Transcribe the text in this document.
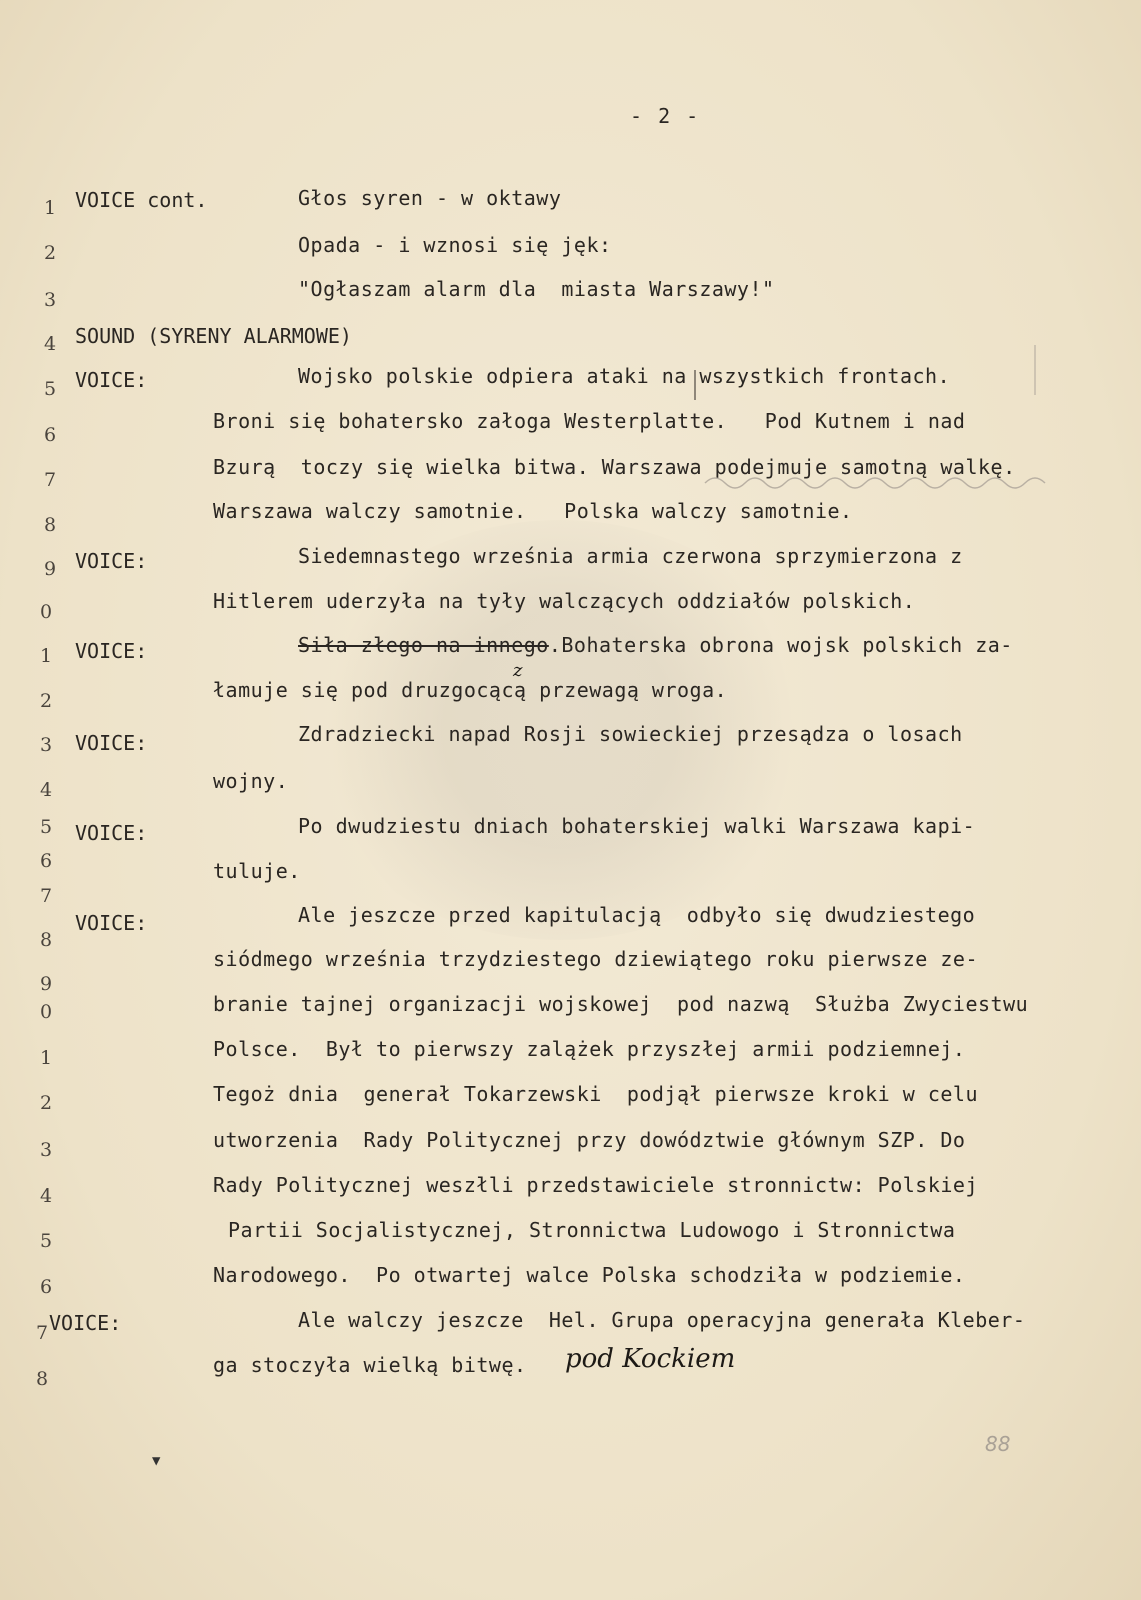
- 2 -
1
2
3
4
5
6
7
8
9
0
1
2
3
4
5
6
7
8
9
0
1
2
3
4
5
6
7
8
VOICE cont.
SOUND (SYRENY ALARMOWE)
VOICE:
VOICE:
VOICE:
VOICE:
VOICE:
VOICE:
VOICE:
Głos syren - w oktawy
Opada - i wznosi się jęk:
"Ogłaszam alarm dla  miasta Warszawy!"
Wojsko polskie odpiera ataki na wszystkich frontach.
Broni się bohatersko załoga Westerplatte.   Pod Kutnem i nad
Bzurą  toczy się wielka bitwa. Warszawa podejmuje samotną walkę.
Warszawa walczy samotnie.   Polska walczy samotnie.
Siedemnastego września armia czerwona sprzymierzona z
Hitlerem uderzyła na tyły walczących oddziałów polskich.
Siła złego na innego.Bohaterska obrona wojsk polskich za-
łamuje się pod druzgocącą przewagą wroga.
Zdradziecki napad Rosji sowieckiej przesądza o losach
wojny.
Po dwudziestu dniach bohaterskiej walki Warszawa kapi-
tuluje.
Ale jeszcze przed kapitulacją  odbyło się dwudziestego
siódmego września trzydziestego dziewiątego roku pierwsze ze-
branie tajnej organizacji wojskowej  pod nazwą  Służba Zwyciestwu
Polsce.  Był to pierwszy zalążek przyszłej armii podziemnej.
Tegoż dnia  generał Tokarzewski  podjął pierwsze kroki w celu
utworzenia  Rady Politycznej przy dowództwie głównym SZP. Do
Rady Politycznej weszłli przedstawiciele stronnictw: Polskiej
Partii Socjalistycznej, Stronnictwa Ludowogo i Stronnictwa
Narodowego.  Po otwartej walce Polska schodziła w podziemie.
Ale walczy jeszcze  Hel. Grupa operacyjna generała Kleber-
ga stoczyła wielką bitwę.
z
pod Kockiem
88
▼
